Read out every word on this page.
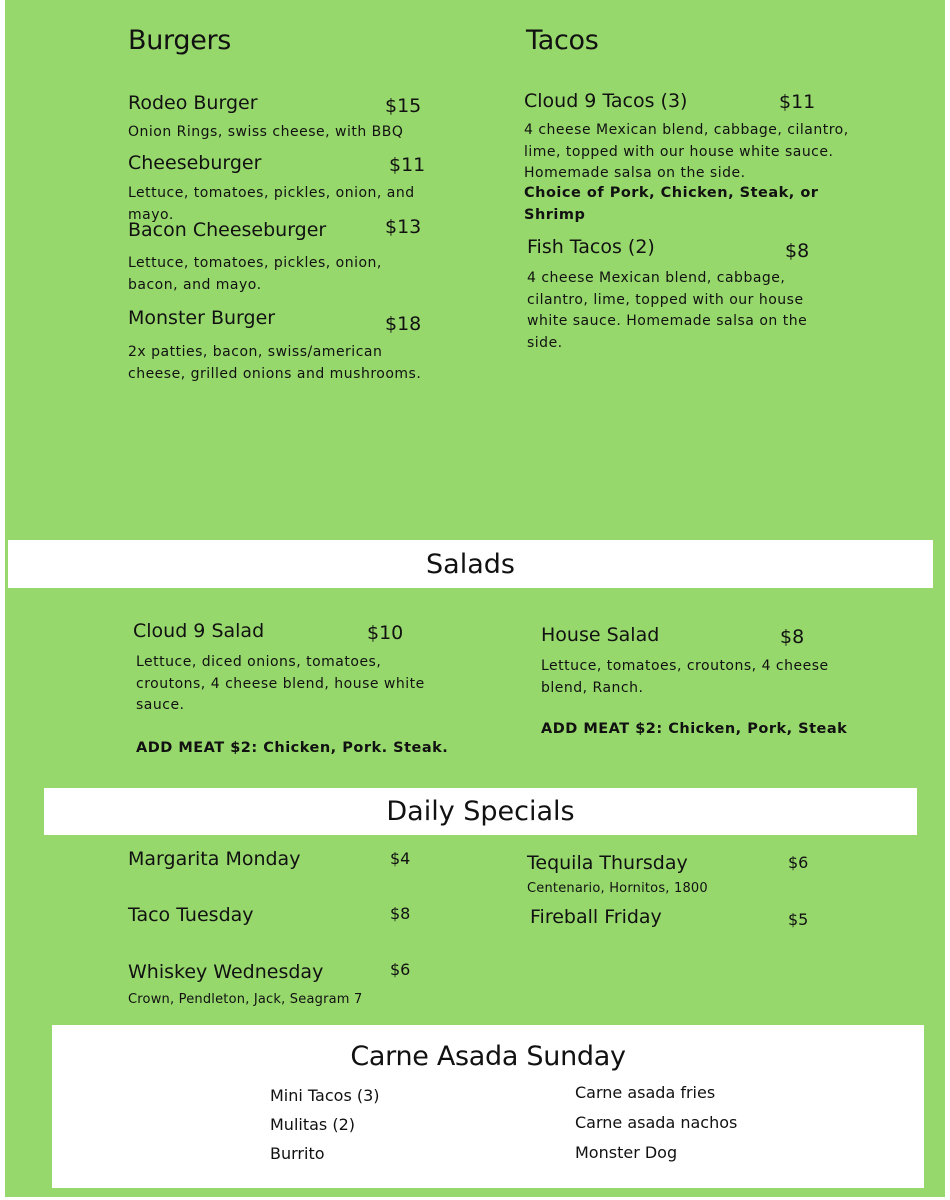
Burgers
Rodeo Burger	$15
Onion Rings, swiss cheese, with BBQ
Cheeseburger	$11
Lettuce, tomatoes, pickles, onion, and mayo.
Bacon Cheeseburger	$13
Lettuce, tomatoes, pickles, onion, bacon, and mayo.
Monster Burger	$18
2x patties, bacon, swiss/american cheese, grilled onions and mushrooms.
Tacos
Cloud 9 Tacos (3)	$11
4 cheese Mexican blend, cabbage, cilantro, lime, topped with our house white sauce. Homemade salsa on the side.
Choice of Pork, Chicken, Steak, or Shrimp
Fish Tacos (2)	$8
4 cheese Mexican blend, cabbage, cilantro, lime, topped with our house white sauce. Homemade salsa on the side.
Salads
Cloud 9 Salad	$10
Lettuce, diced onions, tomatoes, croutons, 4 cheese blend, house white sauce.
ADD MEAT $2: Chicken, Pork. Steak.
House Salad	$8
Lettuce, tomatoes, croutons, 4 cheese blend, Ranch.
ADD MEAT $2: Chicken, Pork, Steak
Daily Specials
Margarita Monday	$4
Taco Tuesday	$8
Whiskey Wednesday	$6
Crown, Pendleton, Jack, Seagram 7
Tequila Thursday	$6
Centenario, Hornitos, 1800
Fireball Friday	$5
Carne Asada Sunday
Mini Tacos (3)
Mulitas (2)
Burrito
Carne asada fries
Carne asada nachos
Monster Dog
